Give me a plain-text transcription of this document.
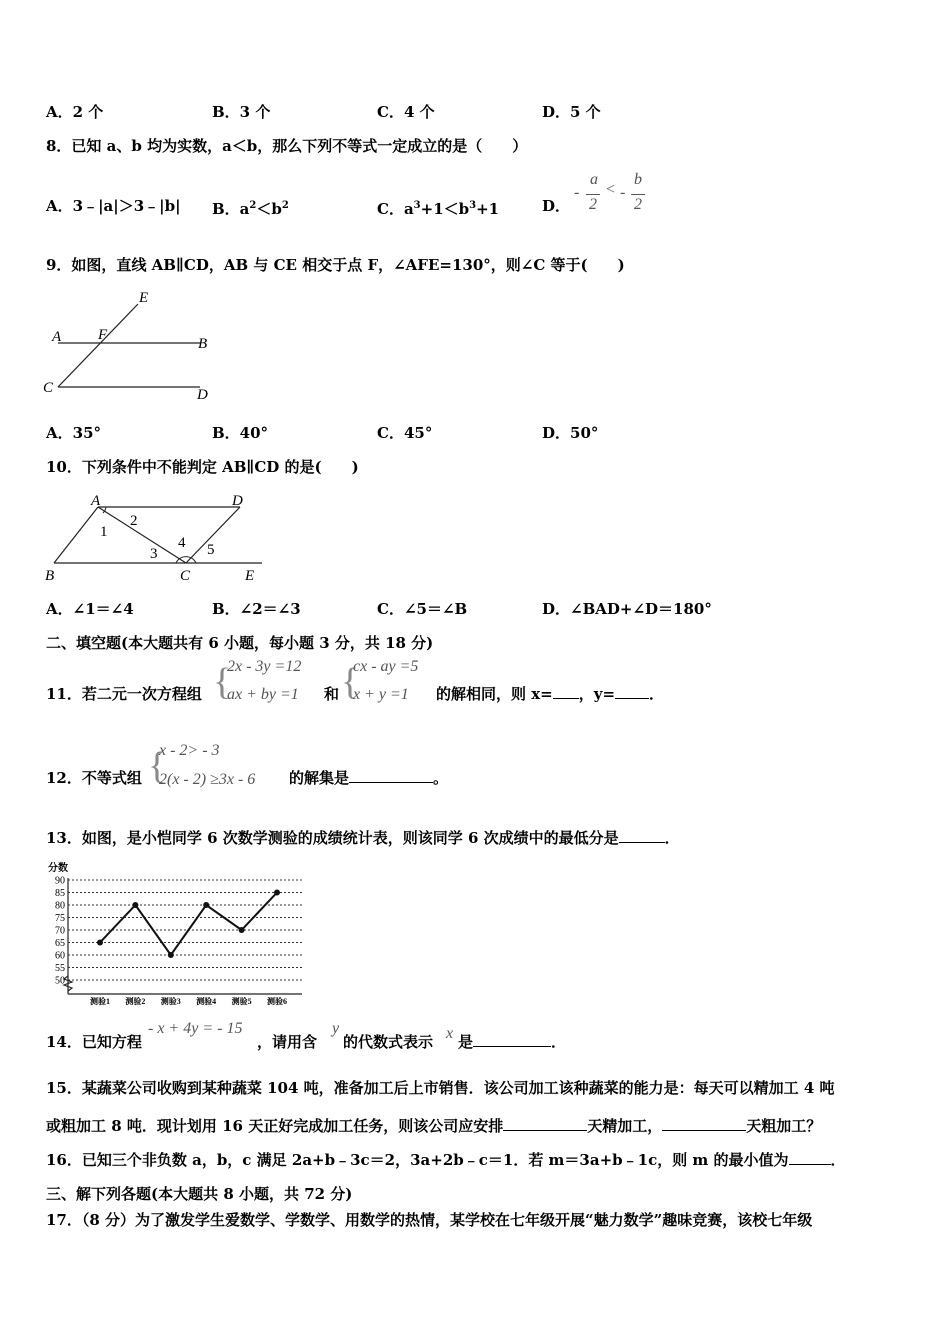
A．2 个	B．3 个	C．4 个	D．5 个
8．已知 a、b 均为实数，a＜b，那么下列不等式一定成立的是（　　）
A．3﹣|a|＞3﹣|b| B．$a^2<b^2$	C．$a^3+1<b^3+1$	D．
-
a
2
< -
b
2
9．如图，直线 AB∥CD，AB 与 CE 相交于点 F，∠AFE=130°，则∠C 等于(　　)
E
A F
B
C	D
A．35°	B．40°	C．45°	D．50°
10．下列条件中不能判定 AB∥CD 的是(　　)
A	D
B	C	E
1
2
3
4 5
A．∠1＝∠4	B．∠2＝∠3	C．∠5＝∠B	D．∠BAD+∠D＝180°
二、填空题(本大题共有 6 小题，每小题 3 分，共 18 分)
11．若二元一次方程组 {
2x - 3y =12
ax + by =1 和 {
cx - ay =5
x + y =1 的解相同，则 x= ，y= ．
12．不等式组 {
x - 2> - 3
2(x - 2) ≥3x - 6 的解集是	。
13．如图，是小恺同学 6 次数学测验的成绩统计表，则该同学 6 次成绩中的最低分是	．
分数
90
85
80
75
70
65
60
55
50
测验1 测验2 测验3 测验4 测验5 测验6
14．已知方程
- x + 4y = - 15
，请用含
y
的代数式表示 x 是	．
15．某蔬菜公司收购到某种蔬菜 104 吨，准备加工后上市销售．该公司加工该种蔬菜的能力是：每天可以精加工 4 吨
或粗加工 8 吨．现计划用 16 天正好完成加工任务，则该公司应安排	天精加工，	天粗加工？
16．已知三个非负数 a，b，c 满足 2a+b﹣3c＝2，3a+2b﹣c＝1．若 m＝3a+b﹣1c，则 m 的最小值为	．
三、解下列各题(本大题共 8 小题，共 72 分)
17．（8 分）为了激发学生爱数学、学数学、用数学的热情，某学校在七年级开展“魅力数学”趣味竞赛，该校七年级
